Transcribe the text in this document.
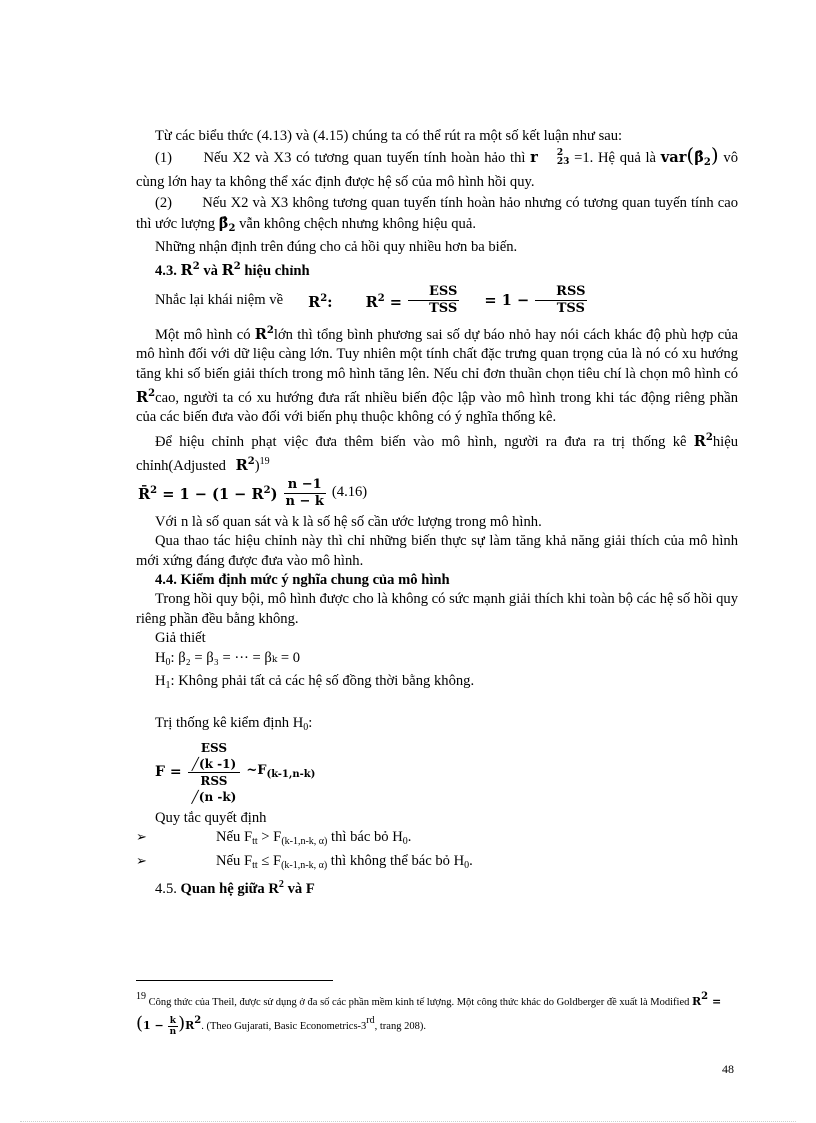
Từ các biểu thức (4.13) và (4.15) chúng ta có thể rút ra một số kết luận như sau:

(1) Nếu X2 và X3 có tương quan tuyến tính hoàn hảo thì r	2
23 =1. Hệ quả là $var(\betâ_2)$ vô cùng lớn hay ta không thể xác định được hệ số của mô hình hồi quy.

(2) Nếu X2 và X3 không tương quan tuyến tính hoàn hảo nhưng có tương quan tuyến tính cao thì ước lượng $\betâ_2$ vẫn không chệch nhưng không hiệu quả.

Những nhận định trên đúng cho cả hồi quy nhiều hơn ba biến.

4.3. $R^2$ và $R^2$ hiệu chỉnh

Nhắc lại khái niệm về	$R^2$:	$R^2 = \frac{\text{ESS}}{\text{TSS}}$	= $1 - \frac{\text{RSS}}{\text{TSS}}$

Một mô hình có $R^2lớn$ thì tổng bình phương sai số dự báo nhỏ hay nói cách khác độ phù hợp của mô hình đối với dữ liệu càng lớn. Tuy nhiên một tính chất đặc trưng quan trọng của là nó có xu hướng tăng khi số biến giải thích trong mô hình tăng lên. Nếu chỉ đơn thuần chọn tiêu chí là chọn mô hình có $R^2cao$, người ta có xu hướng đưa rất nhiều biến độc lập vào mô hình trong khi tác động riêng phần của các biến đưa vào đối với biến phụ thuộc không có ý nghĩa thống kê.

Để hiệu chỉnh phạt việc đưa thêm biến vào mô hình, người ra đưa ra trị thống kê $R^2hiệu$ chỉnh(Adjusted $R^2)^{19}$

R̄$^2$ = $1 - (1 - R^2) \frac{n -1}{n - k} (4.16)$

Với n là số quan sát và k là số hệ số cần ước lượng trong mô hình.

Qua thao tác hiệu chỉnh này thì chỉ những biến thực sự làm tăng khả năng giải thích của mô hình mới xứng đáng được đưa vào mô hình.

4.4. Kiểm định mức ý nghĩa chung của mô hình

Trong hồi quy bội, mô hình được cho là không có sức mạnh giải thích khi toàn bộ các hệ số hồi quy riêng phần đều bằng không.

Giả thiết

$H_0$: β₂ = β₃ = ··· = βₖ = 0

$H_1$: Không phải tất cả các hệ số đồng thời bằng không.

Trị thống kê kiểm định $H_0$:

F =
ESS
╱(k -1)
RSS
╱(n -k)
$\sim F_{(k-1,n-k)}$

Quy tắc quyết định

➢	Nếu $F_{tt} > F_{(k-1,n-k, \alpha)}$ thì bác bỏ $H_0$.
➢	Nếu $F_{tt} \le F_{(k-1,n-k, \alpha)}$ thì không thể bác bỏ $H_0$.

4.5. Quan hệ giữa $R^2$ và F

19 Công thức của Theil, được sử dụng ở đa số các phần mềm kinh tế lượng. Một công thức khác do Goldberger đề xuất là Modified $R2 = (1 - \frac{k}{n} )R2$. (Theo Gujarati, Basic Econometrics-3rd, trang 208).
48
